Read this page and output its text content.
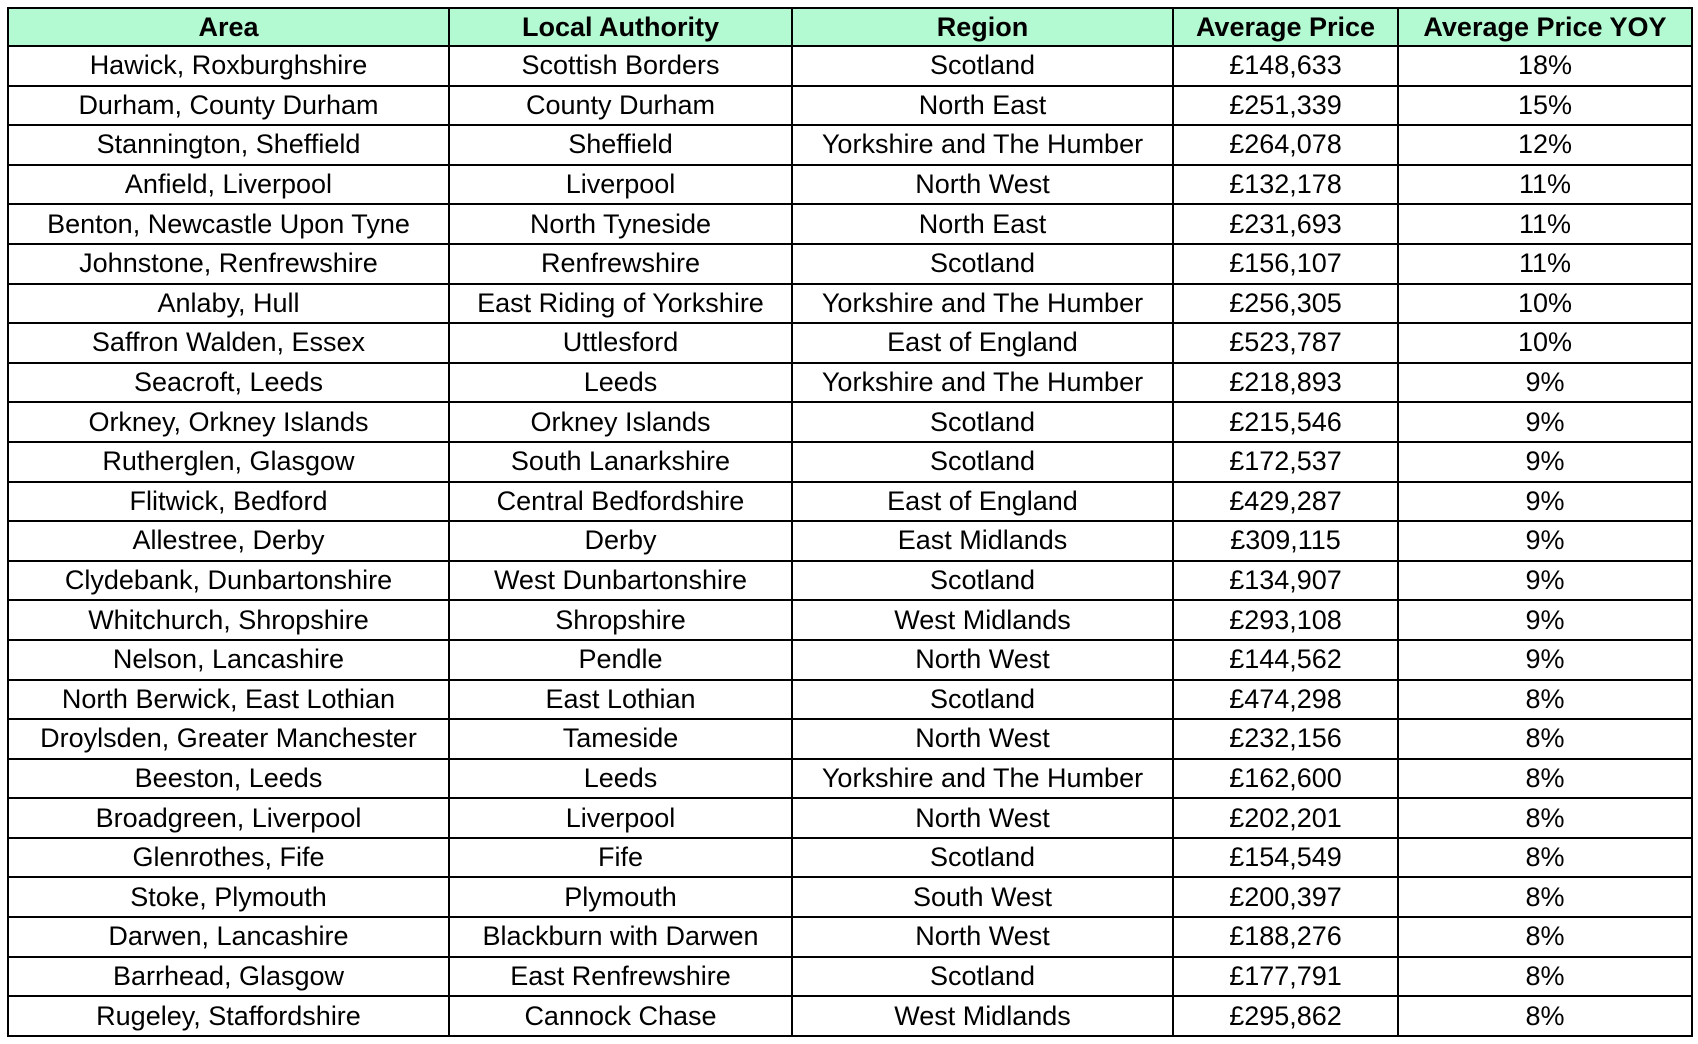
Area	Local Authority	Region	Average Price	Average Price YOY
Hawick, Roxburghshire	Scottish Borders	Scotland	£148,633	18%
Durham, County Durham	County Durham	North East	£251,339	15%
Stannington, Sheffield	Sheffield	Yorkshire and The Humber	£264,078	12%
Anfield, Liverpool	Liverpool	North West	£132,178	11%
Benton, Newcastle Upon Tyne	North Tyneside	North East	£231,693	11%
Johnstone, Renfrewshire	Renfrewshire	Scotland	£156,107	11%
Anlaby, Hull	East Riding of Yorkshire	Yorkshire and The Humber	£256,305	10%
Saffron Walden, Essex	Uttlesford	East of England	£523,787	10%
Seacroft, Leeds	Leeds	Yorkshire and The Humber	£218,893	9%
Orkney, Orkney Islands	Orkney Islands	Scotland	£215,546	9%
Rutherglen, Glasgow	South Lanarkshire	Scotland	£172,537	9%
Flitwick, Bedford	Central Bedfordshire	East of England	£429,287	9%
Allestree, Derby	Derby	East Midlands	£309,115	9%
Clydebank, Dunbartonshire	West Dunbartonshire	Scotland	£134,907	9%
Whitchurch, Shropshire	Shropshire	West Midlands	£293,108	9%
Nelson, Lancashire	Pendle	North West	£144,562	9%
North Berwick, East Lothian	East Lothian	Scotland	£474,298	8%
Droylsden, Greater Manchester	Tameside	North West	£232,156	8%
Beeston, Leeds	Leeds	Yorkshire and The Humber	£162,600	8%
Broadgreen, Liverpool	Liverpool	North West	£202,201	8%
Glenrothes, Fife	Fife	Scotland	£154,549	8%
Stoke, Plymouth	Plymouth	South West	£200,397	8%
Darwen, Lancashire	Blackburn with Darwen	North West	£188,276	8%
Barrhead, Glasgow	East Renfrewshire	Scotland	£177,791	8%
Rugeley, Staffordshire	Cannock Chase	West Midlands	£295,862	8%
